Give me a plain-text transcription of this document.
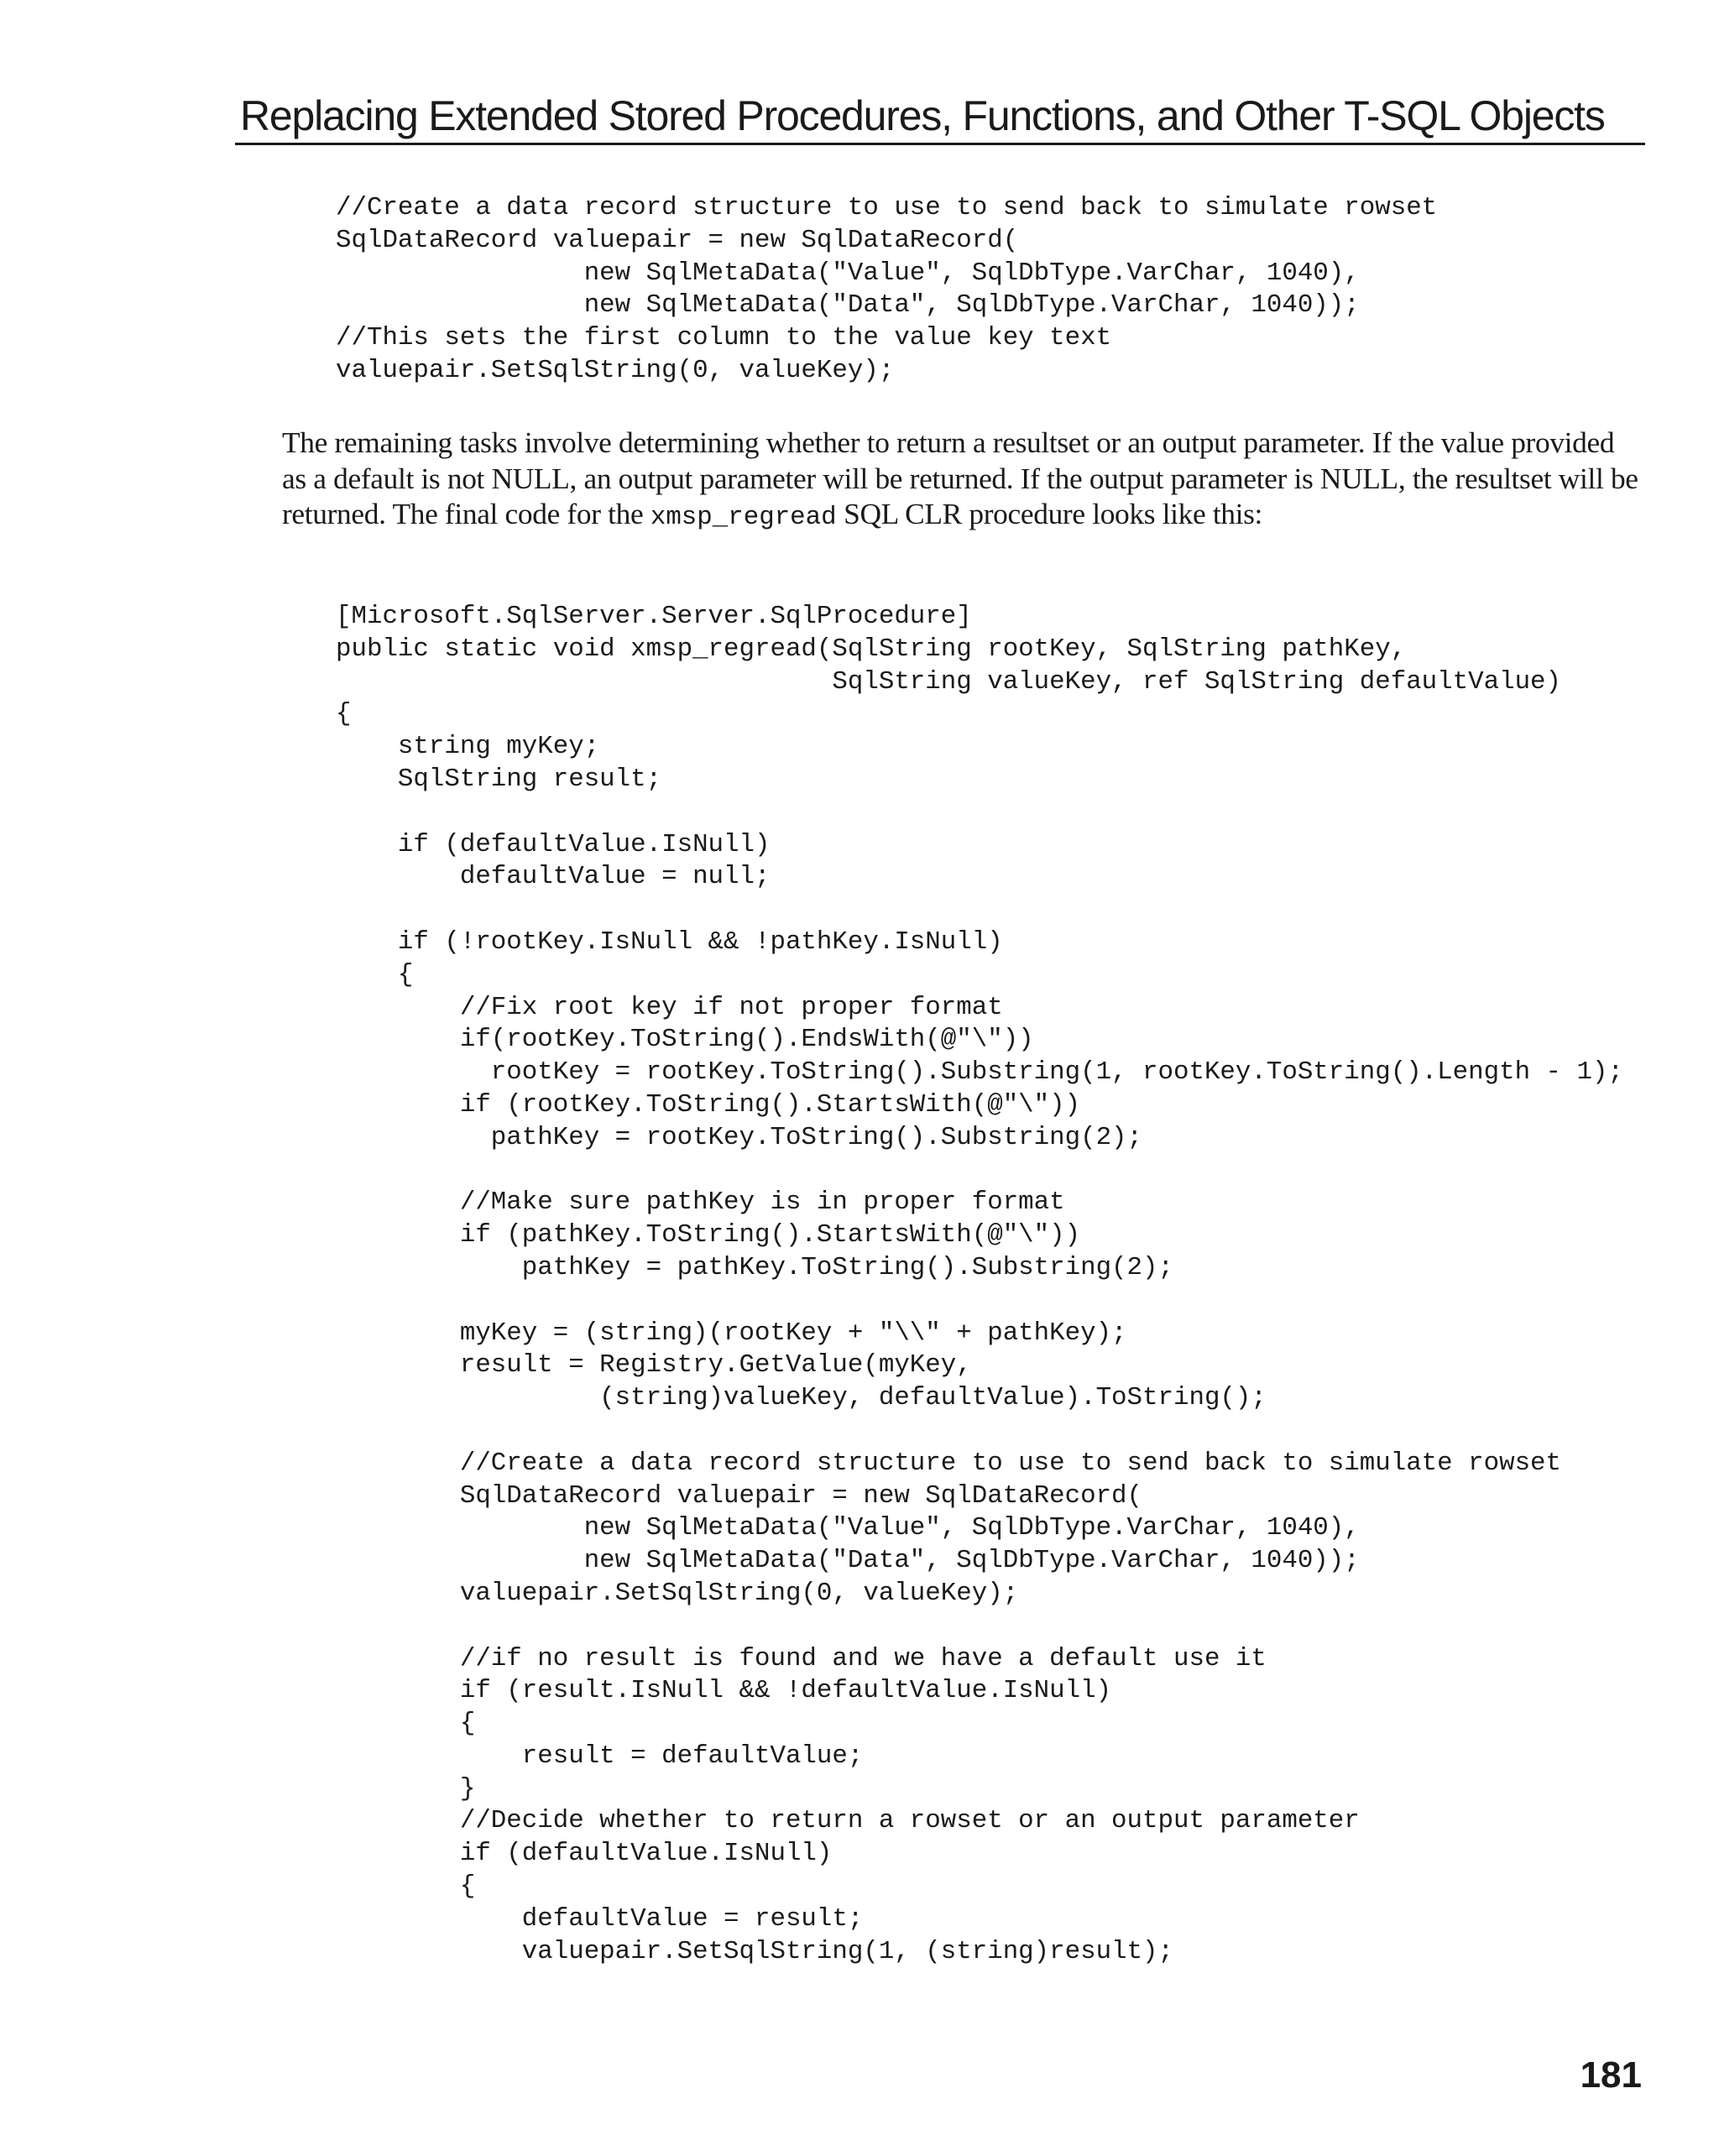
Replacing Extended Stored Procedures, Functions, and Other T-SQL Objects
//Create a data record structure to use to send back to simulate rowset
SqlDataRecord valuepair = new SqlDataRecord(
new SqlMetaData("Value", SqlDbType.VarChar, 1040),
new SqlMetaData("Data", SqlDbType.VarChar, 1040));
//This sets the first column to the value key text
valuepair.SetSqlString(0, valueKey);

The remaining tasks involve determining whether to return a resultset or an output parameter. If the value provided as a default is not NULL, an output parameter will be returned. If the output parameter is NULL, the resultset will be returned. The final code for the xmsp_regread SQL CLR procedure looks like this:

[Microsoft.SqlServer.Server.SqlProcedure]
public static void xmsp_regread(SqlString rootKey, SqlString pathKey,
SqlString valueKey, ref SqlString defaultValue)
{
string myKey;
SqlString result;

if (defaultValue.IsNull)
defaultValue = null;

if (!rootKey.IsNull && !pathKey.IsNull)
{
//Fix root key if not proper format
if(rootKey.ToString().EndsWith(@"\"))
rootKey = rootKey.ToString().Substring(1, rootKey.ToString().Length - 1);
if (rootKey.ToString().StartsWith(@"\"))
pathKey = rootKey.ToString().Substring(2);

//Make sure pathKey is in proper format
if (pathKey.ToString().StartsWith(@"\"))
pathKey = pathKey.ToString().Substring(2);

myKey = (string)(rootKey + "\\" + pathKey);
result = Registry.GetValue(myKey,
(string)valueKey, defaultValue).ToString();

//Create a data record structure to use to send back to simulate rowset
SqlDataRecord valuepair = new SqlDataRecord(
new SqlMetaData("Value", SqlDbType.VarChar, 1040),
new SqlMetaData("Data", SqlDbType.VarChar, 1040));
valuepair.SetSqlString(0, valueKey);

//if no result is found and we have a default use it
if (result.IsNull && !defaultValue.IsNull)
{
result = defaultValue;
}
//Decide whether to return a rowset or an output parameter
if (defaultValue.IsNull)
{
defaultValue = result;
valuepair.SetSqlString(1, (string)result);
181
